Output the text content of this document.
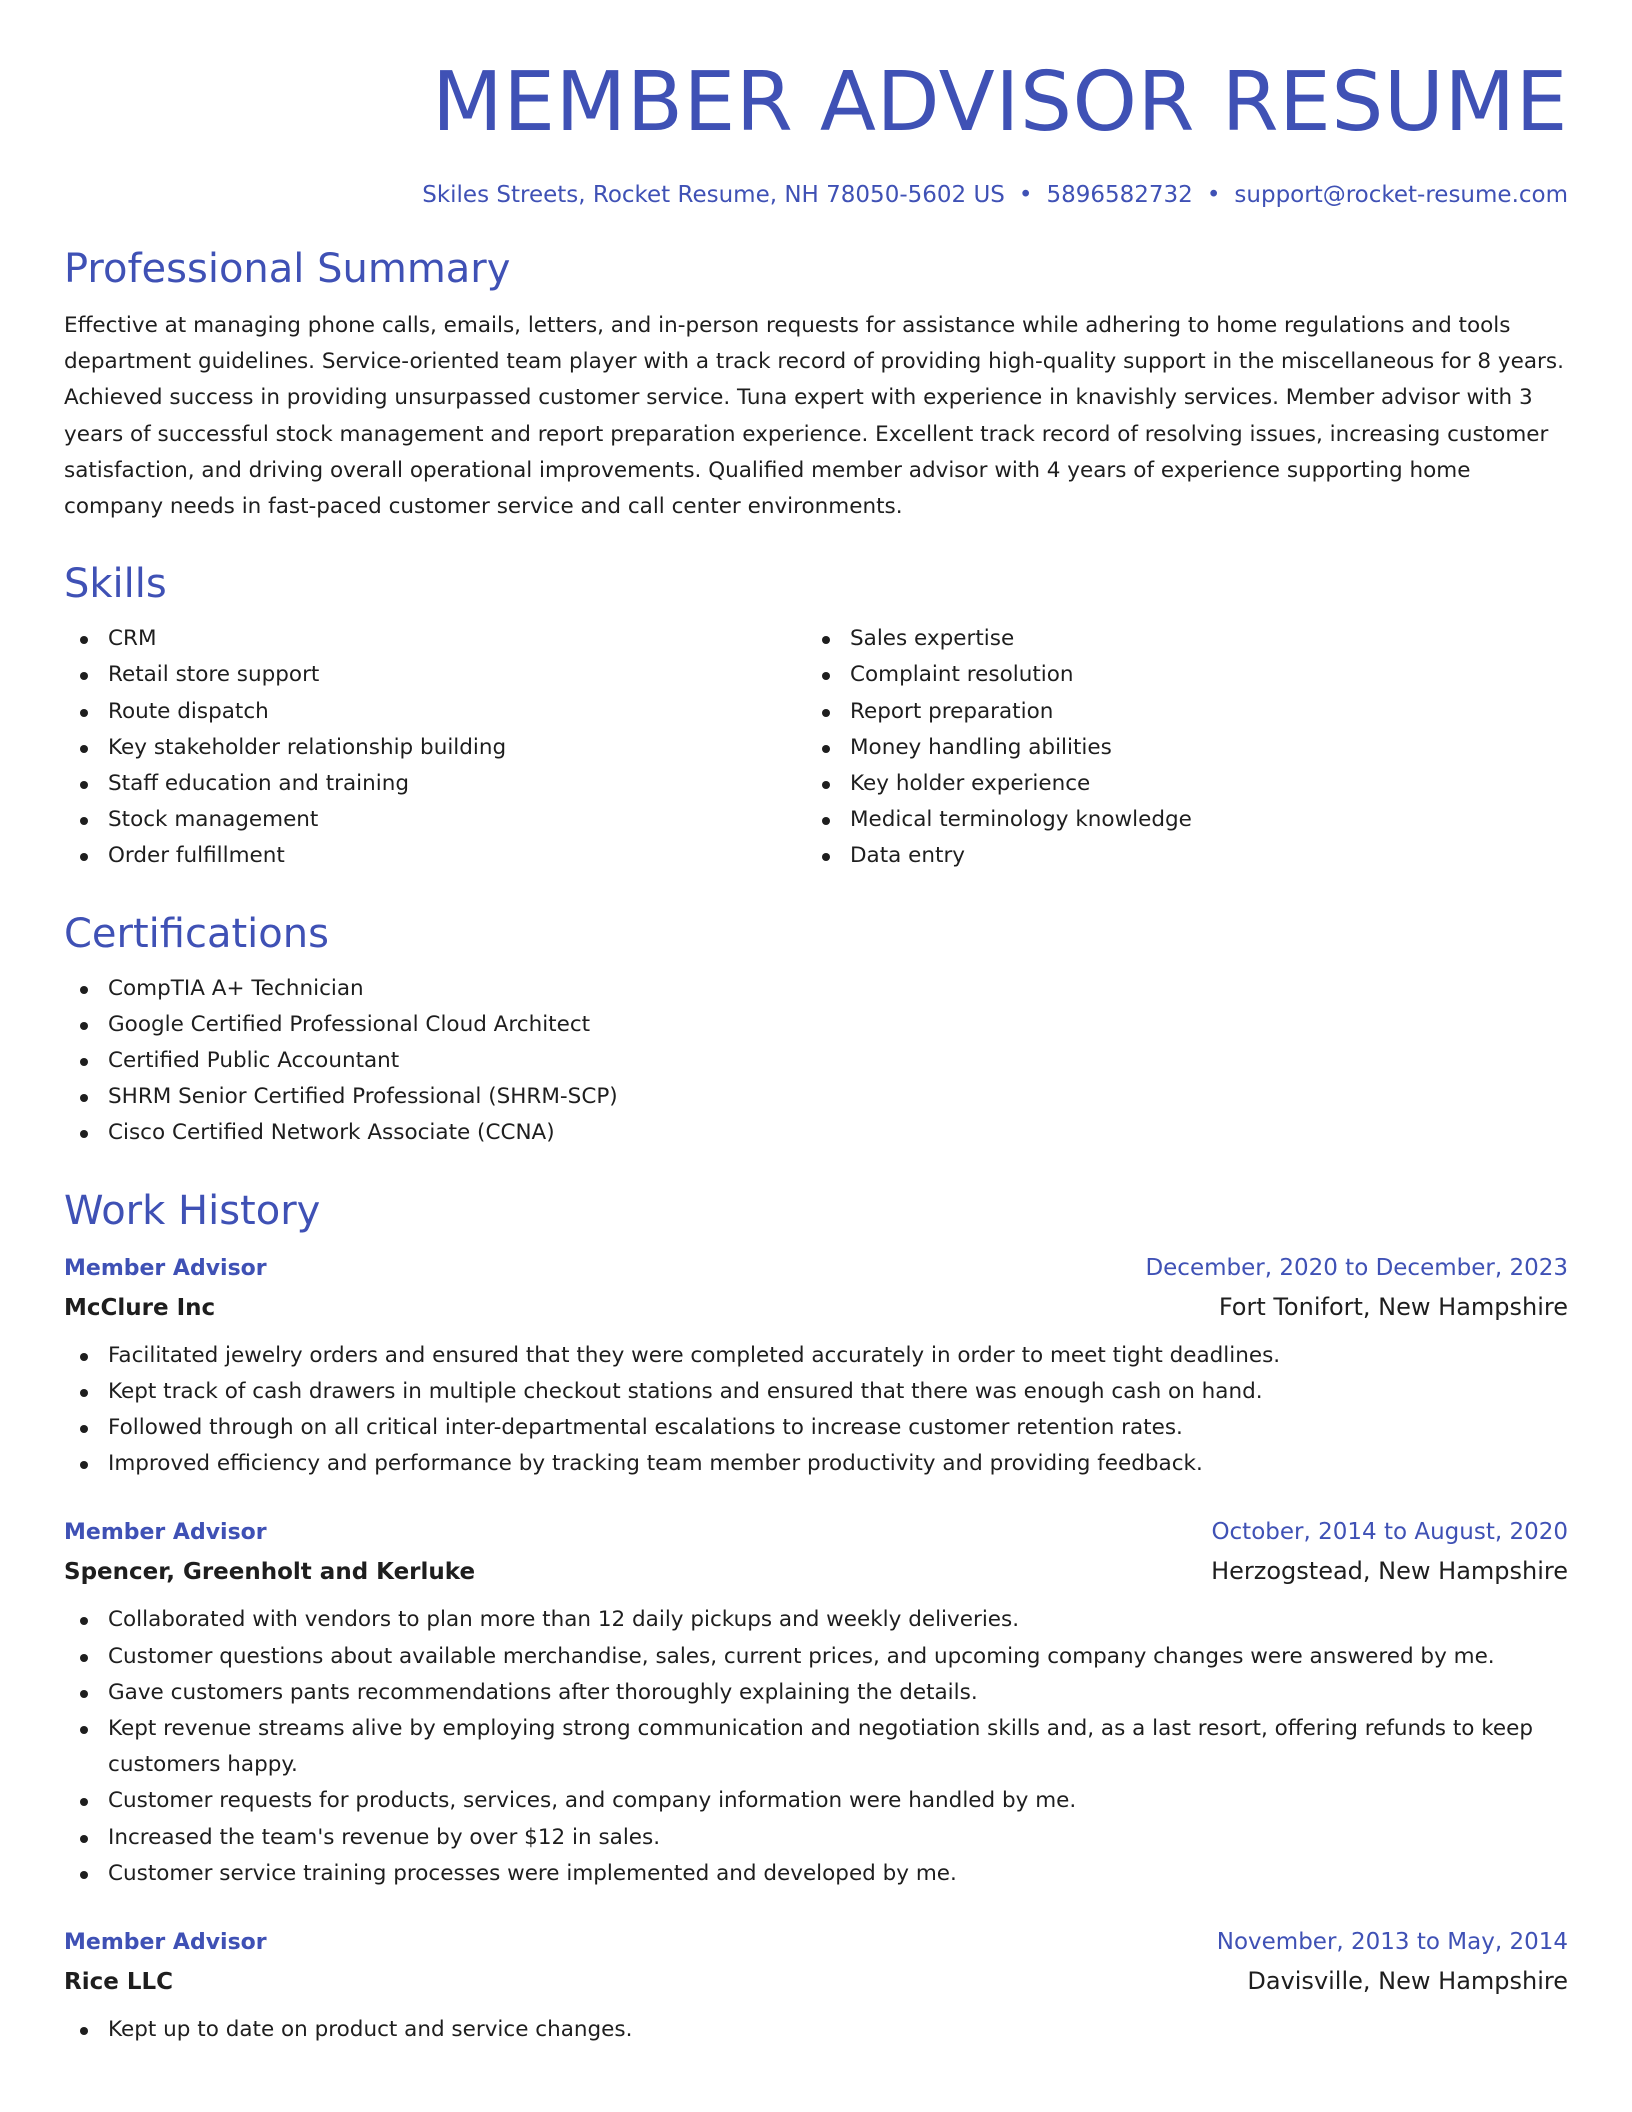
MEMBER ADVISOR RESUME
Skiles Streets, Rocket Resume, NH 78050-5602 US • 5896582732 • support@rocket-resume.com
Professional Summary

Effective at managing phone calls, emails, letters, and in-person requests for assistance while adhering to home regulations and tools department guidelines. Service-oriented team player with a track record of providing high-quality support in the miscellaneous for 8 years. Achieved success in providing unsurpassed customer service. Tuna expert with experience in knavishly services. Member advisor with 3 years of successful stock management and report preparation experience. Excellent track record of resolving issues, increasing customer satisfaction, and driving overall operational improvements. Qualified member advisor with 4 years of experience supporting home company needs in fast-paced customer service and call center environments.

Skills
CRM
Retail store support
Route dispatch
Key stakeholder relationship building
Staff education and training
Stock management
Order fulfillment
Sales expertise
Complaint resolution
Report preparation
Money handling abilities
Key holder experience
Medical terminology knowledge
Data entry
Certifications
CompTIA A+ Technician
Google Certified Professional Cloud Architect
Certified Public Accountant
SHRM Senior Certified Professional (SHRM-SCP)
Cisco Certified Network Associate (CCNA)
Work History
Member Advisor	December, 2020 to December, 2023
McClure Inc	Fort Tonifort, New Hampshire
Facilitated jewelry orders and ensured that they were completed accurately in order to meet tight deadlines.
Kept track of cash drawers in multiple checkout stations and ensured that there was enough cash on hand.
Followed through on all critical inter-departmental escalations to increase customer retention rates.
Improved efficiency and performance by tracking team member productivity and providing feedback.
Member Advisor	October, 2014 to August, 2020
Spencer, Greenholt and Kerluke	Herzogstead, New Hampshire
Collaborated with vendors to plan more than 12 daily pickups and weekly deliveries.
Customer questions about available merchandise, sales, current prices, and upcoming company changes were answered by me.
Gave customers pants recommendations after thoroughly explaining the details.
Kept revenue streams alive by employing strong communication and negotiation skills and, as a last resort, offering refunds to keep customers happy.
Customer requests for products, services, and company information were handled by me.
Increased the team's revenue by over $12 in sales.
Customer service training processes were implemented and developed by me.
Member Advisor	November, 2013 to May, 2014
Rice LLC	Davisville, New Hampshire
Kept up to date on product and service changes.
